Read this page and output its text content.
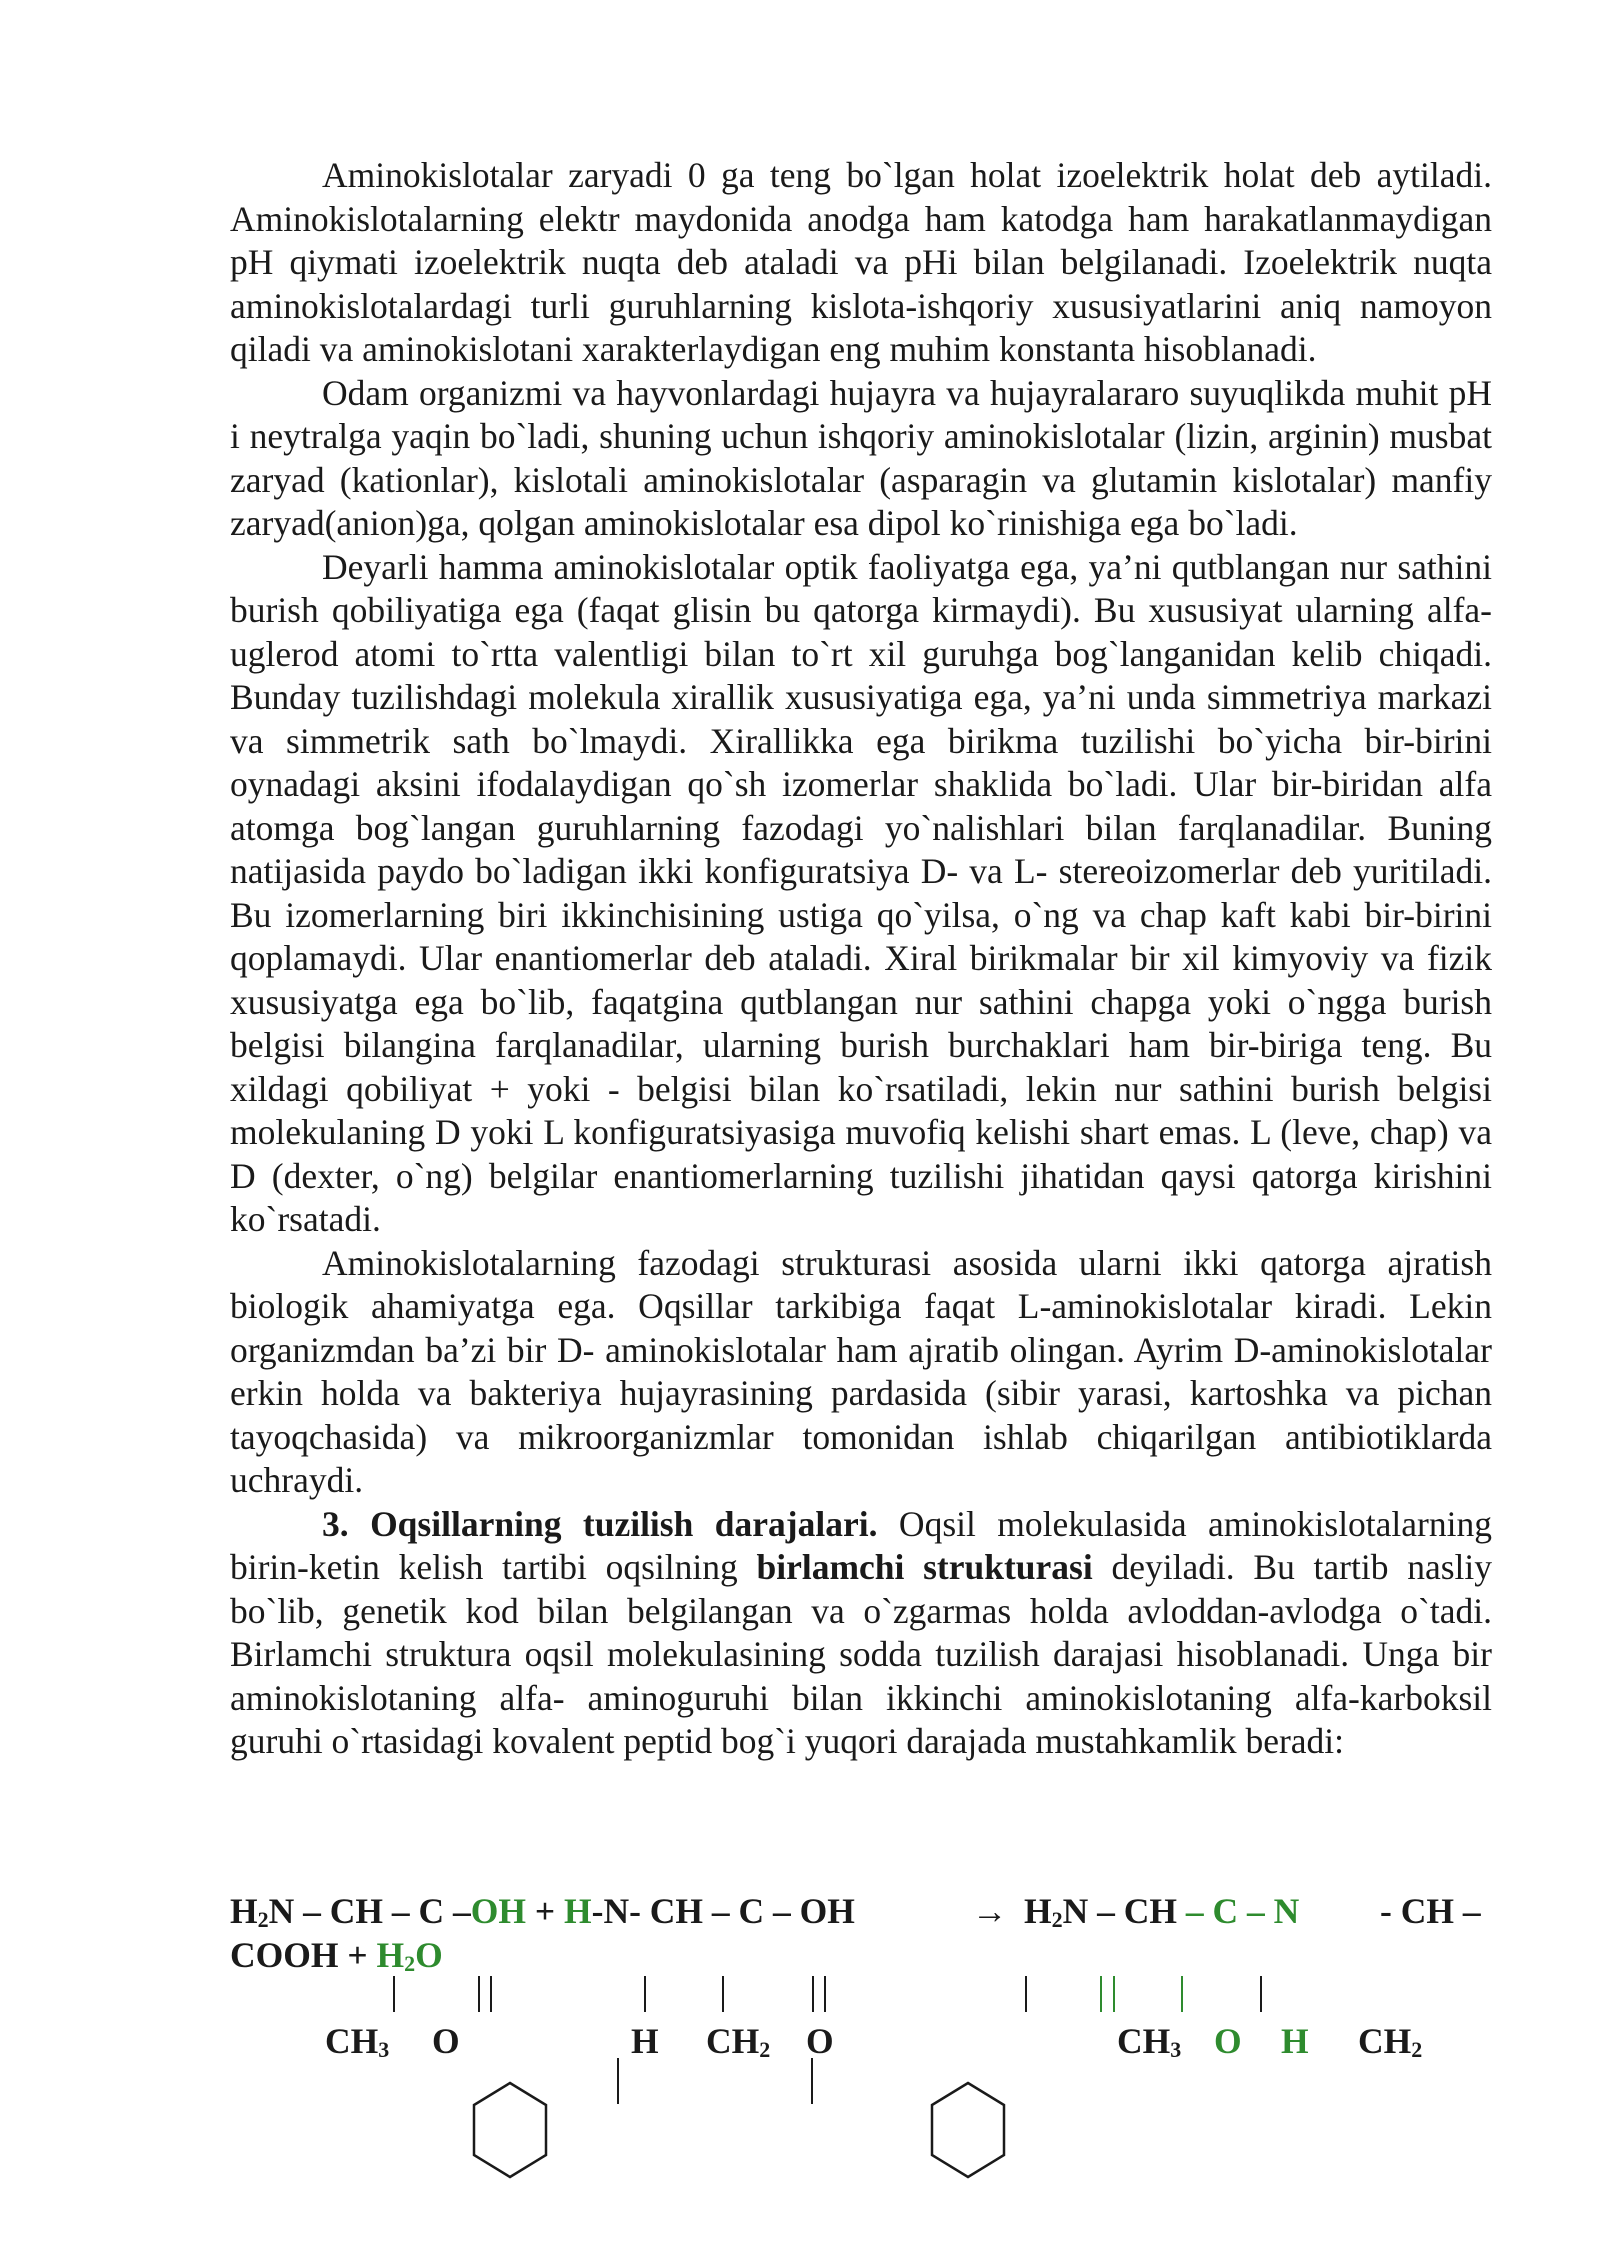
Aminokislotalar zaryadi 0 ga teng bo`lgan holat izoelektrik holat deb aytiladi. Aminokislotalarning elektr maydonida anodga ham katodga ham harakatlanmaydigan pH qiymati izoelektrik nuqta deb ataladi va pHi bilan belgilanadi. Izoelektrik nuqta aminokislotalardagi turli guruhlarning kislota-ishqoriy xususiyatlarini aniq namoyon qiladi va aminokislotani xarakterlaydigan eng muhim konstanta hisoblanadi.

Odam organizmi va hayvonlardagi hujayra va hujayralararo suyuqlikda muhit pH i neytralga yaqin bo`ladi, shuning uchun ishqoriy aminokislotalar (lizin, arginin) musbat zaryad (kationlar), kislotali aminokislotalar (asparagin va glutamin kislotalar) manfiy zaryad(anion)ga, qolgan aminokislotalar esa dipol ko`rinishiga ega bo`ladi.

Deyarli hamma aminokislotalar optik faoliyatga ega, ya’ni qutblangan nur sathini burish qobiliyatiga ega (faqat glisin bu qatorga kirmaydi). Bu xususiyat ularning alfa-uglerod atomi to`rtta valentligi bilan to`rt xil guruhga bog`langanidan kelib chiqadi. Bunday tuzilishdagi molekula xirallik xususiyatiga ega, ya’ni unda simmetriya markazi va simmetrik sath bo`lmaydi. Xirallikka ega birikma tuzilishi bo`yicha bir-birini oynadagi aksini ifodalaydigan qo`sh izomerlar shaklida bo`ladi. Ular bir-biridan alfa atomga bog`langan guruhlarning fazodagi yo`nalishlari bilan farqlanadilar. Buning natijasida paydo bo`ladigan ikki konfiguratsiya D- va L- stereoizomerlar deb yuritiladi. Bu izomerlarning biri ikkinchisining ustiga qo`yilsa, o`ng va chap kaft kabi bir-birini qoplamaydi. Ular enantiomerlar deb ataladi. Xiral birikmalar bir xil kimyoviy va fizik xususiyatga ega bo`lib, faqatgina qutblangan nur sathini chapga yoki o`ngga burish belgisi bilangina farqlanadilar, ularning burish burchaklari ham bir-biriga teng. Bu xildagi qobiliyat + yoki - belgisi bilan ko`rsatiladi, lekin nur sathini burish belgisi molekulaning D yoki L konfiguratsiyasiga muvofiq kelishi shart emas. L (leve, chap) va D (dexter, o`ng) belgilar enantiomerlarning tuzilishi jihatidan qaysi qatorga kirishini ko`rsatadi.

Aminokislotalarning fazodagi strukturasi asosida ularni ikki qatorga ajratish biologik ahamiyatga ega. Oqsillar tarkibiga faqat L-aminokislotalar kiradi. Lekin organizmdan ba’zi bir D- aminokislotalar ham ajratib olingan. Ayrim D-aminokislotalar erkin holda va bakteriya hujayrasining pardasida (sibir yarasi, kartoshka va pichan tayoqchasida) va mikroorganizmlar tomonidan ishlab chiqarilgan antibiotiklarda uchraydi.

3. Oqsillarning tuzilish darajalari. Oqsil molekulasida aminokislotalarning birin-ketin kelish tartibi oqsilning birlamchi strukturasi deyiladi. Bu tartib nasliy bo`lib, genetik kod bilan belgilangan va o`zgarmas holda avloddan-avlodga o`tadi. Birlamchi struktura oqsil molekulasining sodda tuzilish darajasi hisoblanadi. Unga bir aminokislotaning alfa- aminoguruhi bilan ikkinchi aminokislotaning alfa-karboksil guruhi o`rtasidagi kovalent peptid bog`i yuqori darajada mustahkamlik beradi:

$H_2N$ – CH – C –OH + H-N- CH – C – OH	→ $H_2N$ – CH – C – N - CH –
COOH + $H_2O$
$CH_3$ O	H $CH_2$ O	$CH_3$ O H $CH_2$
